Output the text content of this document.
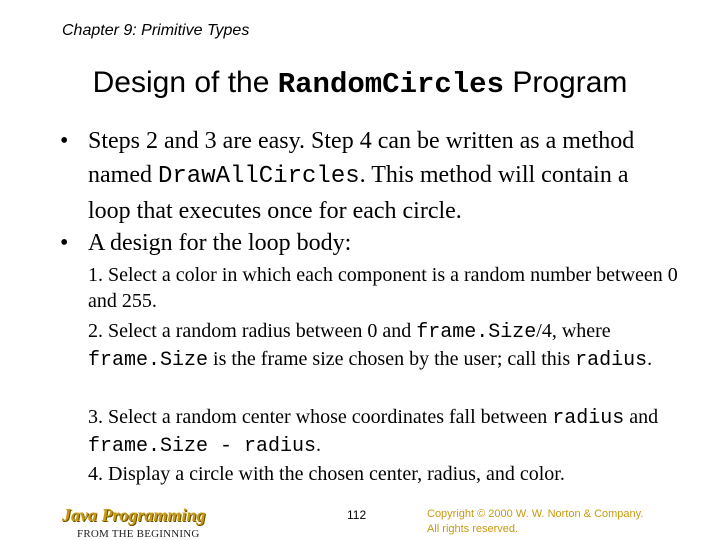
Chapter 9: Primitive Types
Design of the RandomCircles Program
• Steps 2 and 3 are easy. Step 4 can be written as a method named DrawAllCircles. This method will contain a loop that executes once for each circle.
• A design for the loop body:
1. Select a color in which each component is a random number between 0 and 255.
2. Select a random radius between 0 and frame.Size/4, where frame.Size is the frame size chosen by the user; call this radius.
3. Select a random center whose coordinates fall between radius and frame.Size - radius.
4. Display a circle with the chosen center, radius, and color.
Java Programming
FROM THE BEGINNING
112	Copyright © 2000 W. W. Norton & Company.
All rights reserved.
